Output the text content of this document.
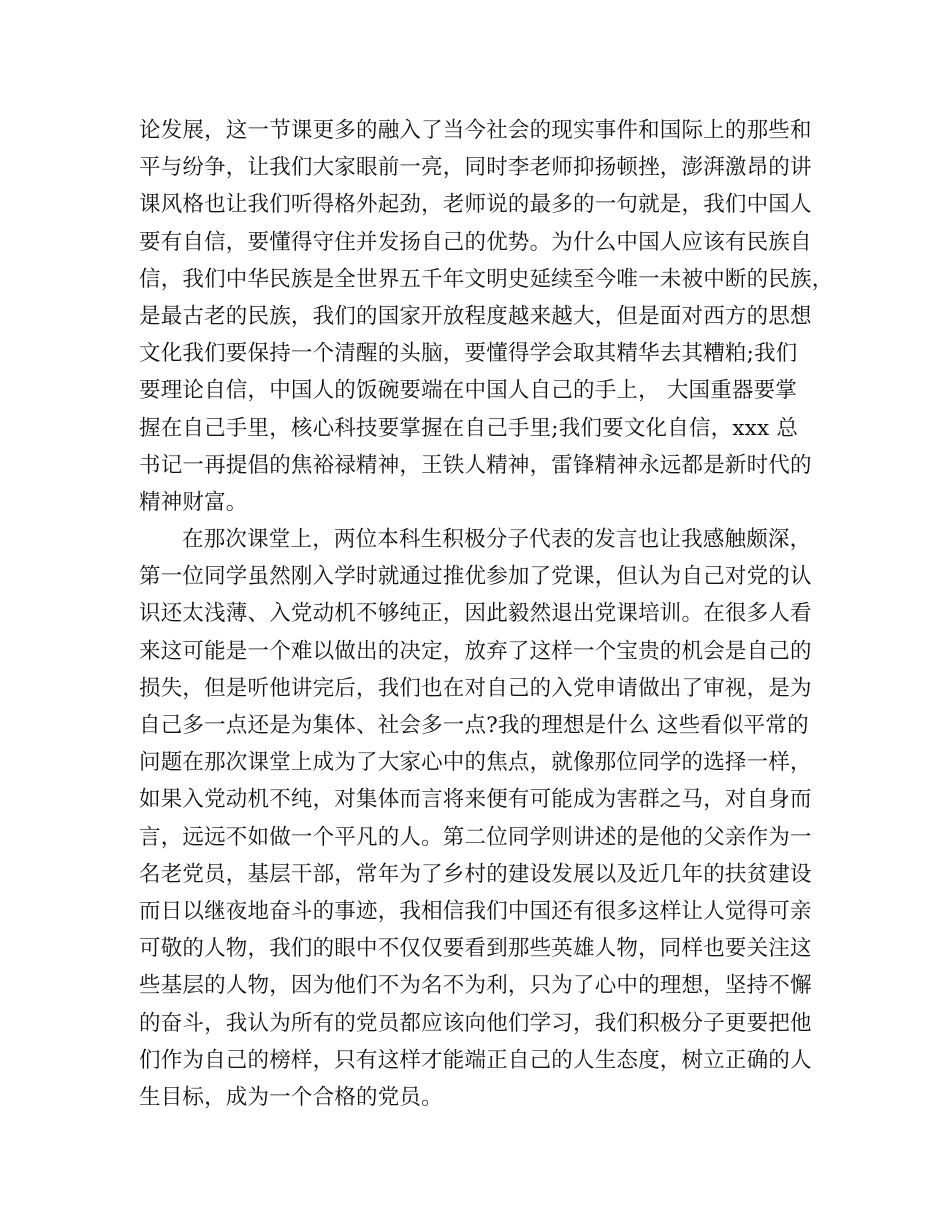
论发展，这一节课更多的融入了当今社会的现实事件和国际上的那些和
平与纷争，让我们大家眼前一亮，同时李老师抑扬顿挫，澎湃激昂的讲
课风格也让我们听得格外起劲，老师说的最多的一句就是，我们中国人
要有自信，要懂得守住并发扬自己的优势。为什么中国人应该有民族自
信，我们中华民族是全世界五千年文明史延续至今唯一未被中断的民族，
是最古老的民族，我们的国家开放程度越来越大，但是面对西方的思想
文化我们要保持一个清醒的头脑，要懂得学会取其精华去其糟粕;我们
要理论自信，中国人的饭碗要端在中国人自己的手上， 大国重器要掌
握在自己手里，核心科技要掌握在自己手里;我们要文化自信，xxx 总
书记一再提倡的焦裕禄精神，王铁人精神，雷锋精神永远都是新时代的
精神财富。
在那次课堂上，两位本科生积极分子代表的发言也让我感触颇深，
第一位同学虽然刚入学时就通过推优参加了党课，但认为自己对党的认
识还太浅薄、入党动机不够纯正，因此毅然退出党课培训。在很多人看
来这可能是一个难以做出的决定，放弃了这样一个宝贵的机会是自己的
损失，但是听他讲完后，我们也在对自己的入党申请做出了审视，是为
自己多一点还是为集体、社会多一点?我的理想是什么 这些看似平常的
问题在那次课堂上成为了大家心中的焦点，就像那位同学的选择一样，
如果入党动机不纯，对集体而言将来便有可能成为害群之马，对自身而
言，远远不如做一个平凡的人。第二位同学则讲述的是他的父亲作为一
名老党员，基层干部，常年为了乡村的建设发展以及近几年的扶贫建设
而日以继夜地奋斗的事迹，我相信我们中国还有很多这样让人觉得可亲
可敬的人物，我们的眼中不仅仅要看到那些英雄人物，同样也要关注这
些基层的人物，因为他们不为名不为利，只为了心中的理想，坚持不懈
的奋斗，我认为所有的党员都应该向他们学习，我们积极分子更要把他
们作为自己的榜样，只有这样才能端正自己的人生态度，树立正确的人
生目标，成为一个合格的党员。
